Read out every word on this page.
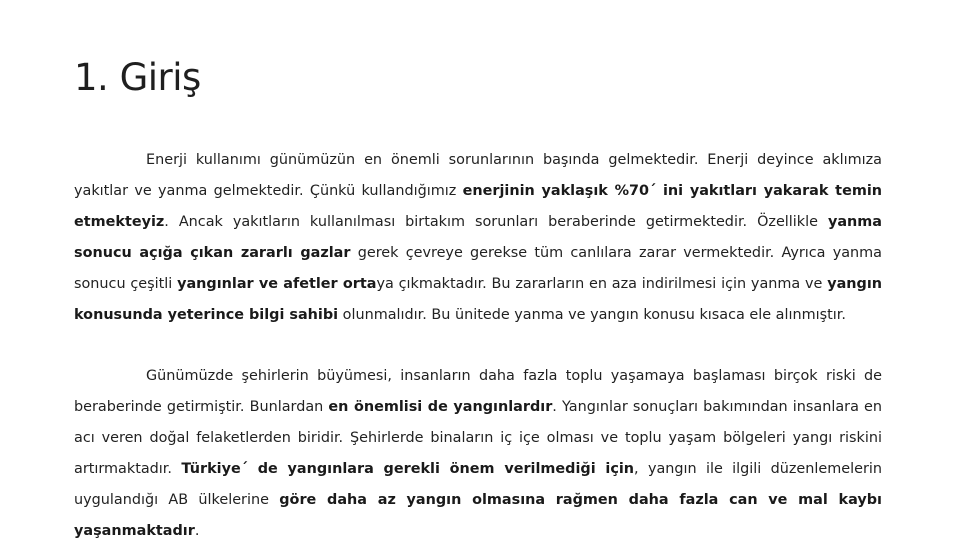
1. Giriş

Enerji kullanımı günümüzün en önemli sorunlarının başında gelmektedir. Enerji deyince aklımıza yakıtlar ve yanma gelmektedir. Çünkü kullandığımız enerjinin yaklaşık %70´ ini yakıtları yakarak temin etmekteyiz. Ancak yakıtların kullanılması birtakım sorunları beraberinde getirmektedir. Özellikle yanma sonucu açığa çıkan zararlı gazlar gerek çevreye gerekse tüm canlılara zarar vermektedir. Ayrıca yanma sonucu çeşitli yangınlar ve afetler ortaya çıkmaktadır. Bu zararların en aza indirilmesi için yanma ve yangın konusunda yeterince bilgi sahibi olunmalıdır. Bu ünitede yanma ve yangın konusu kısaca ele alınmıştır.

Günümüzde şehirlerin büyümesi, insanların daha fazla toplu yaşamaya başlaması birçok riski de beraberinde getirmiştir. Bunlardan en önemlisi de yangınlardır. Yangınlar sonuçları bakımından insanlara en acı veren doğal felaketlerden biridir. Şehirlerde binaların iç içe olması ve toplu yaşam bölgeleri yangı riskini artırmaktadır. Türkiye´ de yangınlara gerekli önem verilmediği için, yangın ile ilgili düzenlemelerin uygulandığı AB ülkelerine göre daha az yangın olmasına rağmen daha fazla can ve mal kaybı yaşanmaktadır.
